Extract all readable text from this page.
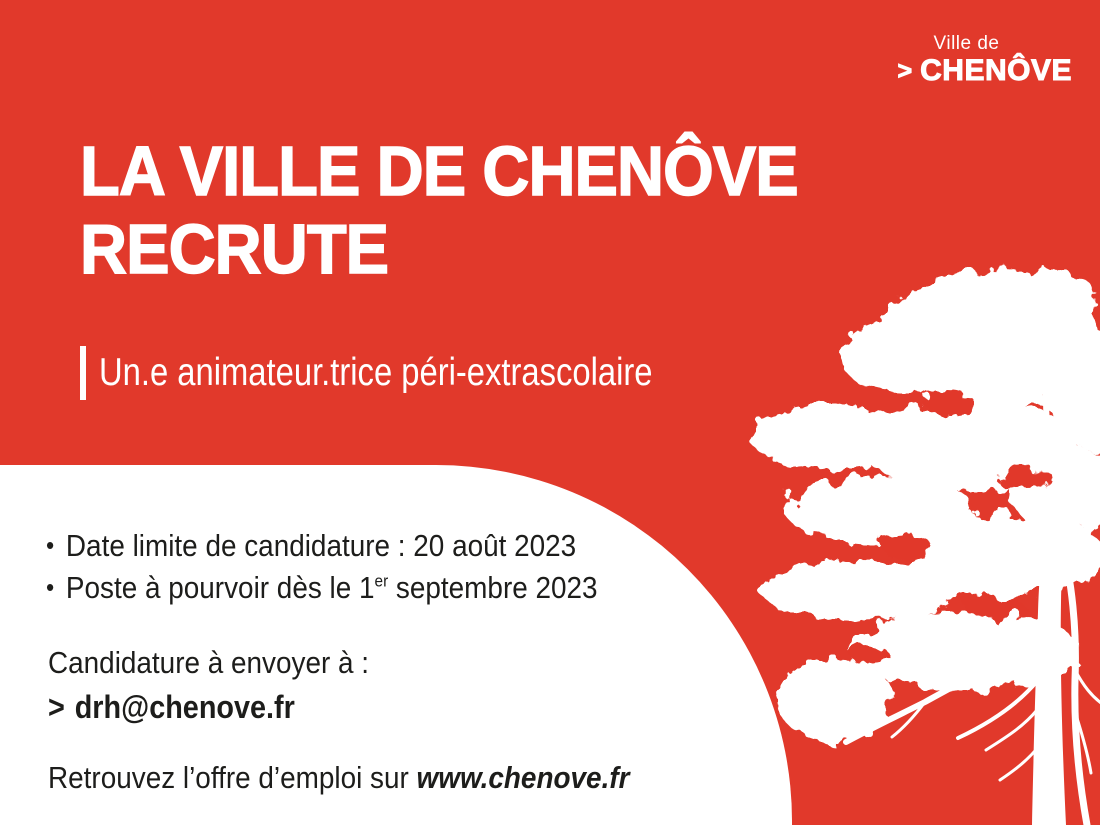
Ville de
> CHENÔVE
LA VILLE DE CHENÔVE
RECRUTE
Un.e animateur.trice péri-extrascolaire
• Date limite de candidature : 20 août 2023
• Poste à pourvoir dès le 1er septembre 2023
Candidature à envoyer à :
> drh@chenove.fr
Retrouvez l’offre d’emploi sur www.chenove.fr
